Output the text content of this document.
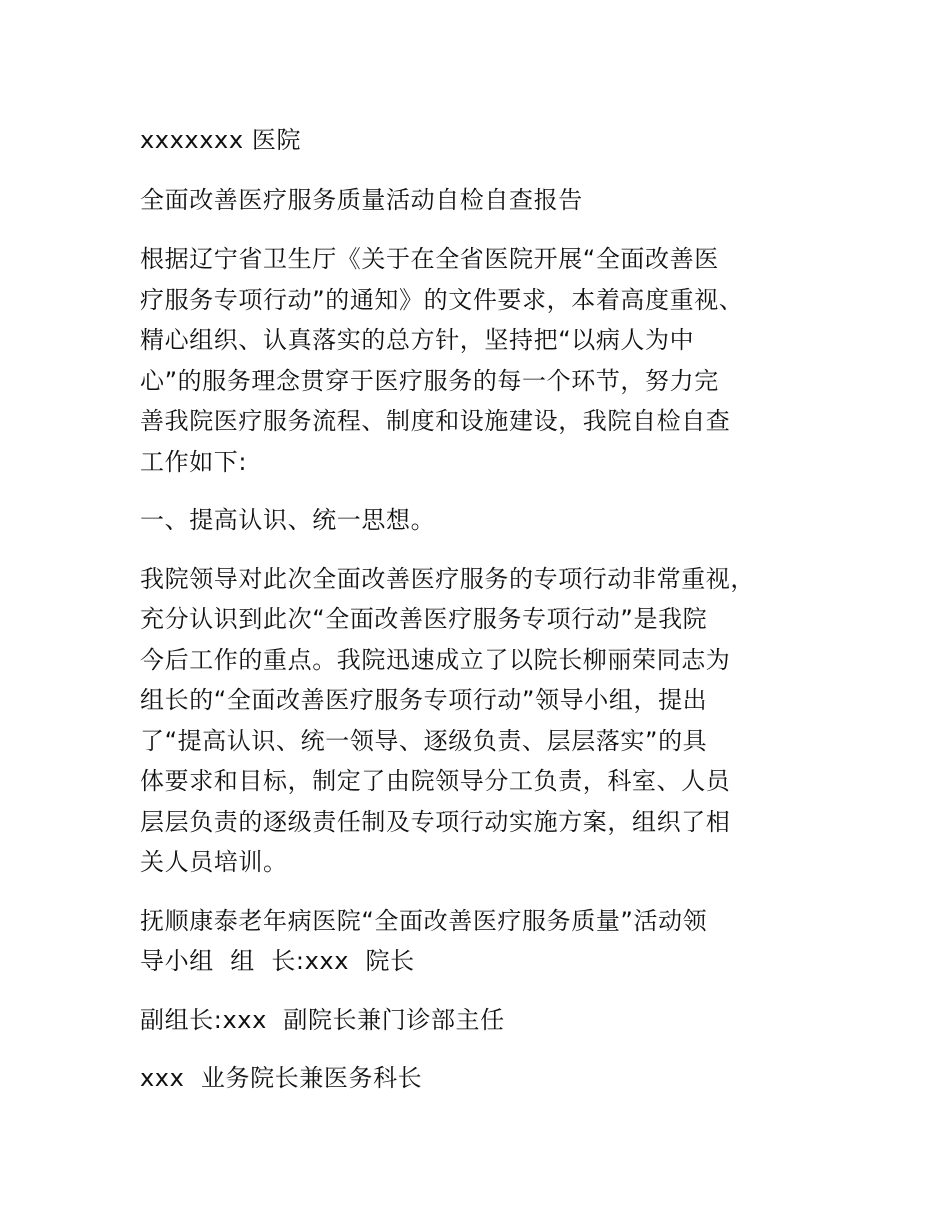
xxxxxxx 医院

全面改善医疗服务质量活动自检自查报告

根据辽宁省卫生厅《关于在全省医院开展“全面改善医
疗服务专项行动”的通知》的文件要求，本着高度重视、
精心组织、认真落实的总方针，坚持把“以病人为中
心”的服务理念贯穿于医疗服务的每一个环节，努力完
善我院医疗服务流程、制度和设施建设，我院自检自查
工作如下:

一、提高认识、统一思想。

我院领导对此次全面改善医疗服务的专项行动非常重视，
充分认识到此次“全面改善医疗服务专项行动”是我院
今后工作的重点。我院迅速成立了以院长柳丽荣同志为
组长的“全面改善医疗服务专项行动”领导小组，提出
了“提高认识、统一领导、逐级负责、层层落实”的具
体要求和目标，制定了由院领导分工负责，科室、人员
层层负责的逐级责任制及专项行动实施方案，组织了相
关人员培训。

抚顺康泰老年病医院“全面改善医疗服务质量”活动领
导小组  组  长:xxx  院长

副组长:xxx  副院长兼门诊部主任

xxx  业务院长兼医务科长
